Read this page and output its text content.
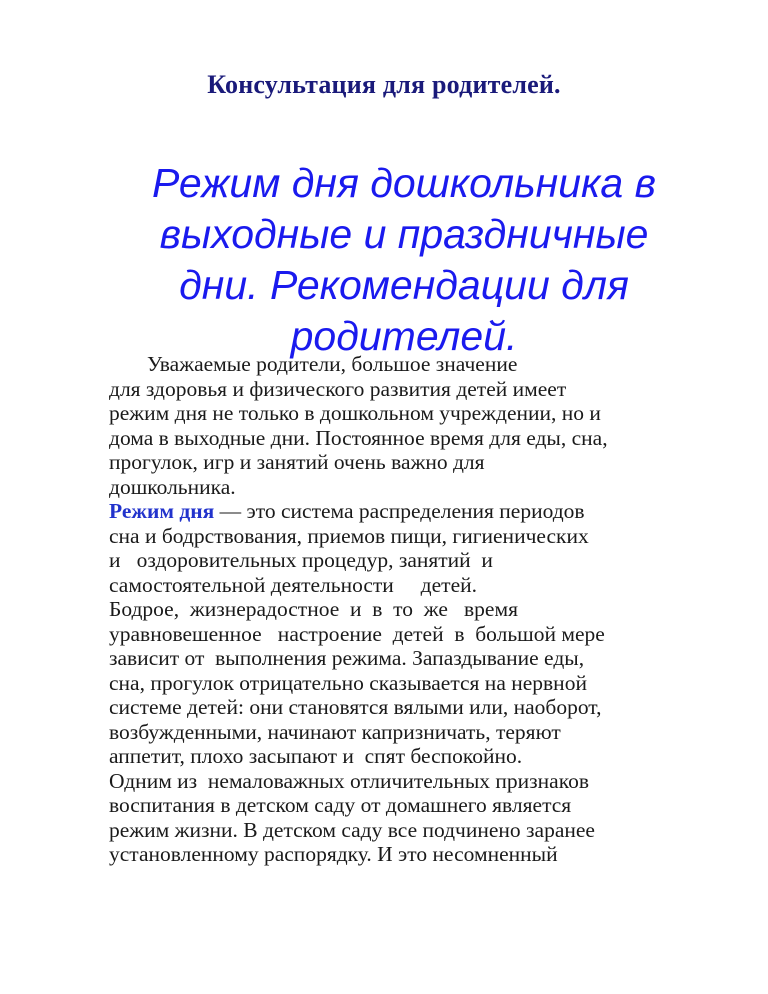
Консультация для родителей.
Режим дня дошкольника в
выходные и праздничные
дни. Рекомендации для
родителей.
Уважаемые родители, большое значение
для здоровья и физического развития детей имеет
режим дня не только в дошкольном учреждении, но и
дома в выходные дни. Постоянное время для еды, сна,
прогулок, игр и занятий очень важно для
дошкольника.
Режим дня — это система распределения периодов
сна и бодрствования, приемов пищи, гигиенических
и   оздоровительных процедур, занятий  и
самостоятельной деятельности     детей.
Бодрое,  жизнерадостное  и  в  то  же   время
уравновешенное   настроение  детей  в  большой мере
зависит от  выполнения режима. Запаздывание еды,
сна, прогулок отрицательно сказывается на нервной
системе детей: они становятся вялыми или, наоборот,
возбужденными, начинают капризничать, теряют
аппетит, плохо засыпают и  спят беспокойно.
Одним из  немаловажных отличительных признаков
воспитания в детском саду от домашнего является
режим жизни. В детском саду все подчинено заранее
установленному распорядку. И это несомненный
